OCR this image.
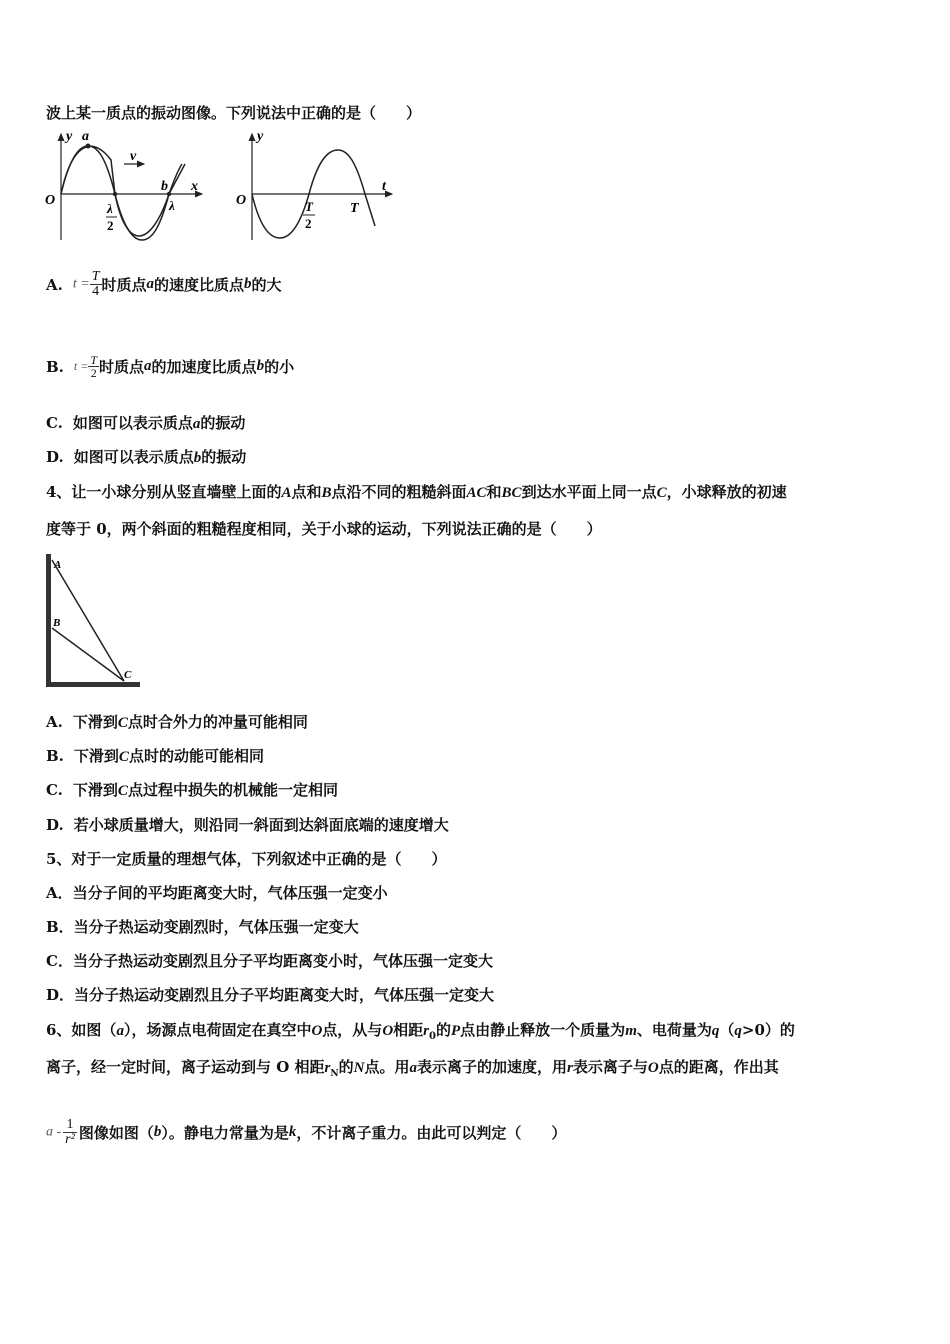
波上某一质点的振动图像。下列说法中正确的是（　　）
y a
v
b x
O
λ
2
λ
y
t
O	T
2
T
A. $t = \frac{T}{4}$ 时质点a的速度比质点b的大
B. $t = \frac{T}{2}$ 时质点a的加速度比质点b的小
C. 如图可以表示质点a的振动
D. 如图可以表示质点b的振动
4、让一小球分别从竖直墙壁上面的A点和B点沿不同的粗糙斜面AC和BC到达水平面上同一点C，小球释放的初速
度等于 0，两个斜面的粗糙程度相同，关于小球的运动，下列说法正确的是（　　）
A
B
C
A. 下滑到C点时合外力的冲量可能相同
B. 下滑到C点时的动能可能相同
C. 下滑到C点过程中损失的机械能一定相同
D. 若小球质量增大，则沿同一斜面到达斜面底端的速度增大
5、对于一定质量的理想气体，下列叙述中正确的是（　　）
A．当分子间的平均距离变大时，气体压强一定变小
B．当分子热运动变剧烈时，气体压强一定变大
C．当分子热运动变剧烈且分子平均距离变小时，气体压强一定变大
D．当分子热运动变剧烈且分子平均距离变大时，气体压强一定变大
6、如图（a），场源点电荷固定在真空中O点，从与O相距$r_0$的P点由静止释放一个质量为m、电荷量为q（q>0）的
离子，经一定时间，离子运动到与 O 相距$r_N$的N点。用a表示离子的加速度，用r表示离子与O点的距离，作出其
a - $\frac{1}{\text{r²}}$ 图像如图（b）。静电力常量为是k，不计离子重力。由此可以判定（　　）
